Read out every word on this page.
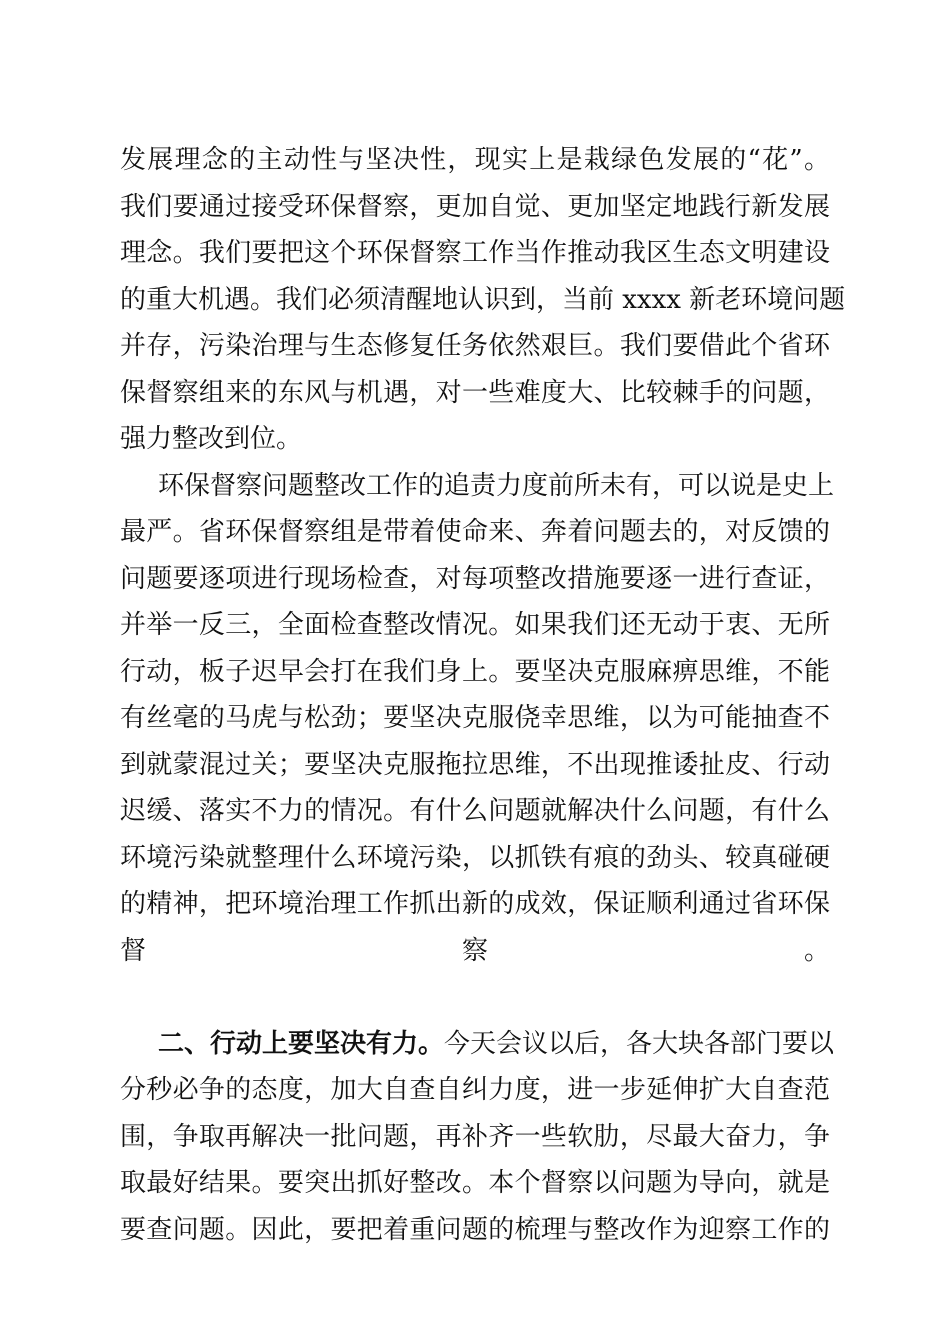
发展理念的主动性与坚决性，现实上是栽绿色发展的“花”。
我们要通过接受环保督察，更加自觉、更加坚定地践行新发展
理念。我们要把这个环保督察工作当作推动我区生态文明建设
的重大机遇。我们必须清醒地认识到，当前 xxxx 新老环境问题
并存，污染治理与生态修复任务依然艰巨。我们要借此个省环
保督察组来的东风与机遇，对一些难度大、比较棘手的问题，
强力整改到位。
环保督察问题整改工作的追责力度前所未有，可以说是史上
最严。省环保督察组是带着使命来、奔着问题去的，对反馈的
问题要逐项进行现场检查，对每项整改措施要逐一进行查证，
并举一反三，全面检查整改情况。如果我们还无动于衷、无所
行动，板子迟早会打在我们身上。要坚决克服麻痹思维，不能
有丝毫的马虎与松劲；要坚决克服侥幸思维，以为可能抽查不
到就蒙混过关；要坚决克服拖拉思维，不出现推诿扯皮、行动
迟缓、落实不力的情况。有什么问题就解决什么问题，有什么
环境污染就整理什么环境污染，以抓铁有痕的劲头、较真碰硬
的精神，把环境治理工作抓出新的成效，保证顺利通过省环保
督察。
二、行动上要坚决有力。今天会议以后，各大块各部门要以
分秒必争的态度，加大自查自纠力度，进一步延伸扩大自查范
围，争取再解决一批问题，再补齐一些软肋，尽最大奋力，争
取最好结果。要突出抓好整改。本个督察以问题为导向，就是
要查问题。因此，要把着重问题的梳理与整改作为迎察工作的
